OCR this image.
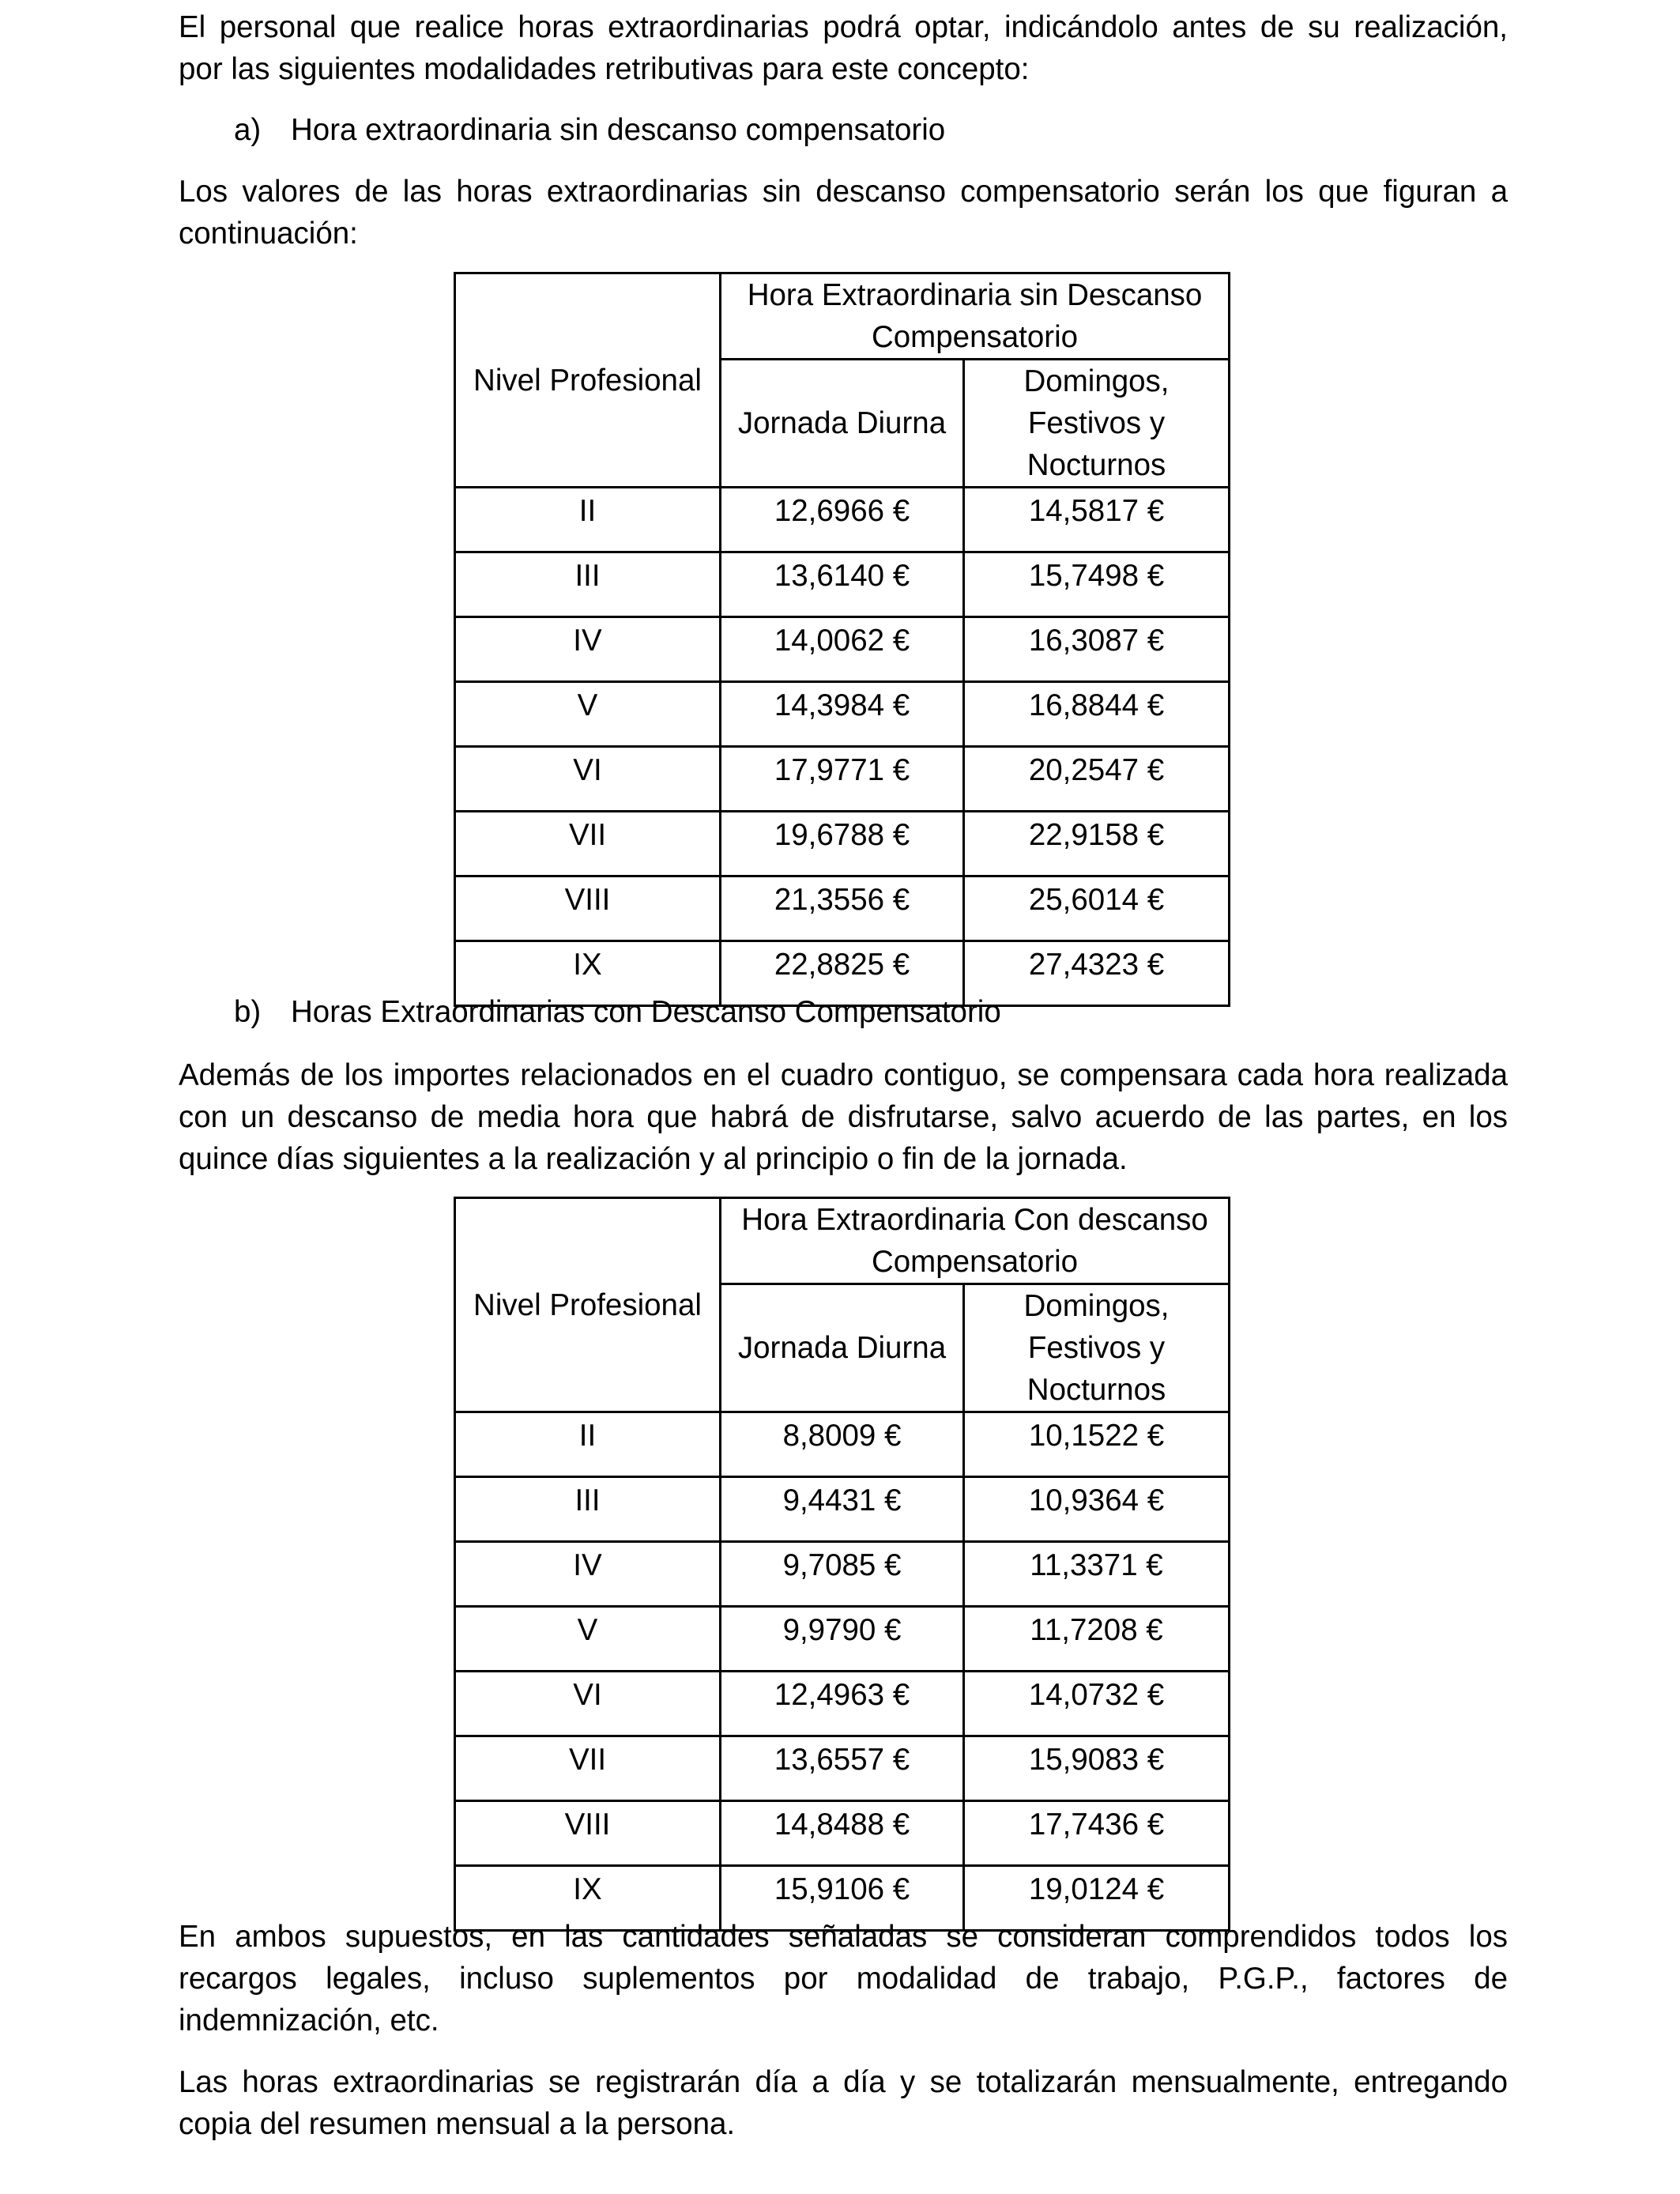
El personal que realice horas extraordinarias podrá optar, indicándolo antes de su realización,
por las siguientes modalidades retributivas para este concepto:

a) Hora extraordinaria sin descanso compensatorio

Los valores de las horas extraordinarias sin descanso compensatorio serán los que figuran a
continuación:

Nivel Profesional	Hora Extraordinaria sin Descanso Compensatorio	
	Jornada Diurna	Domingos, Festivos y Nocturnos
II	12,6966 €	14,5817 €
III	13,6140 €	15,7498 €
IV	14,0062 €	16,3087 €
V	14,3984 €	16,8844 €
VI	17,9771 €	20,2547 €
VII	19,6788 €	22,9158 €
VIII	21,3556 €	25,6014 €
IX	22,8825 €	27,4323 €

b) Horas Extraordinarias con Descanso Compensatorio

Además de los importes relacionados en el cuadro contiguo, se compensara cada hora realizada
con un descanso de media hora que habrá de disfrutarse, salvo acuerdo de las partes, en los
quince días siguientes a la realización y al principio o fin de la jornada.

Nivel Profesional	Hora Extraordinaria Con descanso Compensatorio	
	Jornada Diurna	Domingos, Festivos y Nocturnos
II	8,8009 €	10,1522 €
III	9,4431 €	10,9364 €
IV	9,7085 €	11,3371 €
V	9,9790 €	11,7208 €
VI	12,4963 €	14,0732 €
VII	13,6557 €	15,9083 €
VIII	14,8488 €	17,7436 €
IX	15,9106 €	19,0124 €

En ambos supuestos, en las cantidades señaladas se consideran comprendidos todos los
recargos legales, incluso suplementos por modalidad de trabajo, P.G.P., factores de
indemnización, etc.

Las horas extraordinarias se registrarán día a día y se totalizarán mensualmente, entregando
copia del resumen mensual a la persona.
